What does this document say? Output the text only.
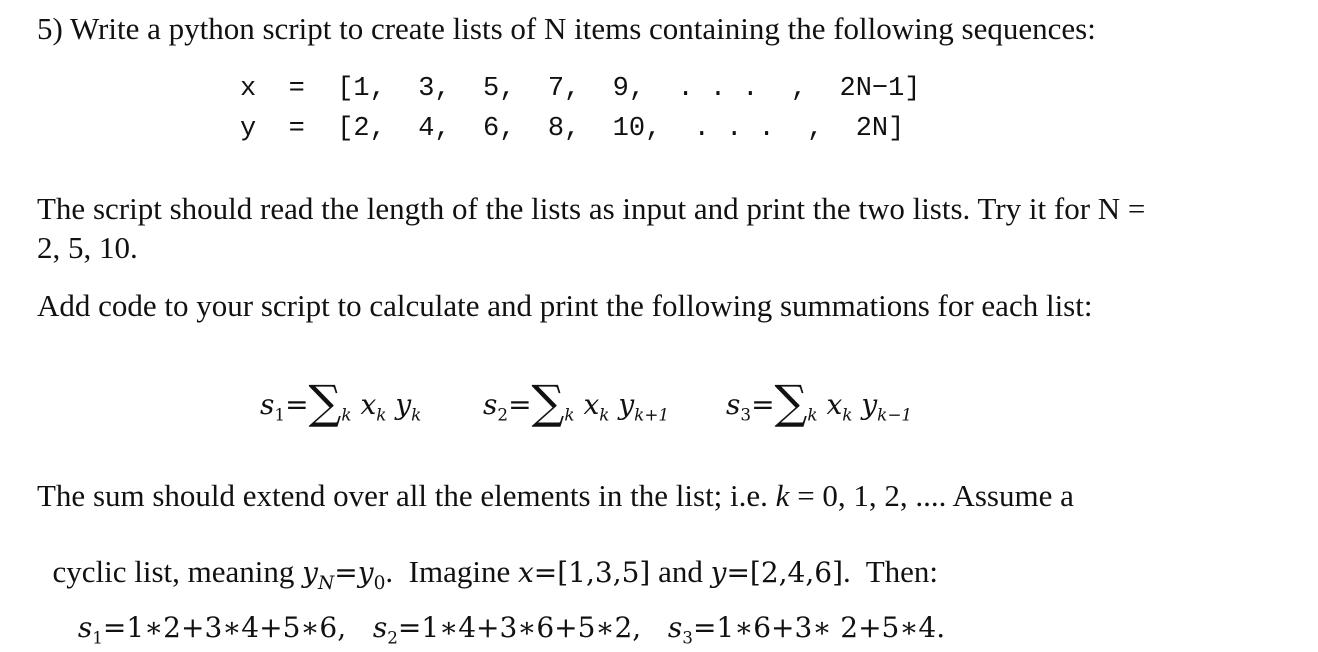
5) Write a python script to create lists of N items containing the following sequences:
x  =  [1,  3,  5,  7,  9,  . . .  ,  2N−1]
y  =  [2,  4,  6,  8,  10,  . . .  ,  2N]
The script should read the length of the lists as input and print the two lists. Try it for N =
2, 5, 10.
Add code to your script to calculate and print the following summations for each list:
$s_1=\sum_k$ $x_k$ $y_k$ $s_2=\sum_k$ $x_k$ $y_{k+1}$ $s_3=\sum_k$ $x_k$ $y_{k-1}$
The sum should extend over all the elements in the list; i.e. k = 0, 1, 2, .... Assume a

cyclic list, meaning $y_N=y_0$.  Imagine x=[1,3,5] and y=[2,4,6].  Then:

$s_1=1∗2+3∗4+5∗6$, $s_2=1∗4+3∗6+5∗2$, $s_3=1∗6+3∗$ 2+5∗4.
